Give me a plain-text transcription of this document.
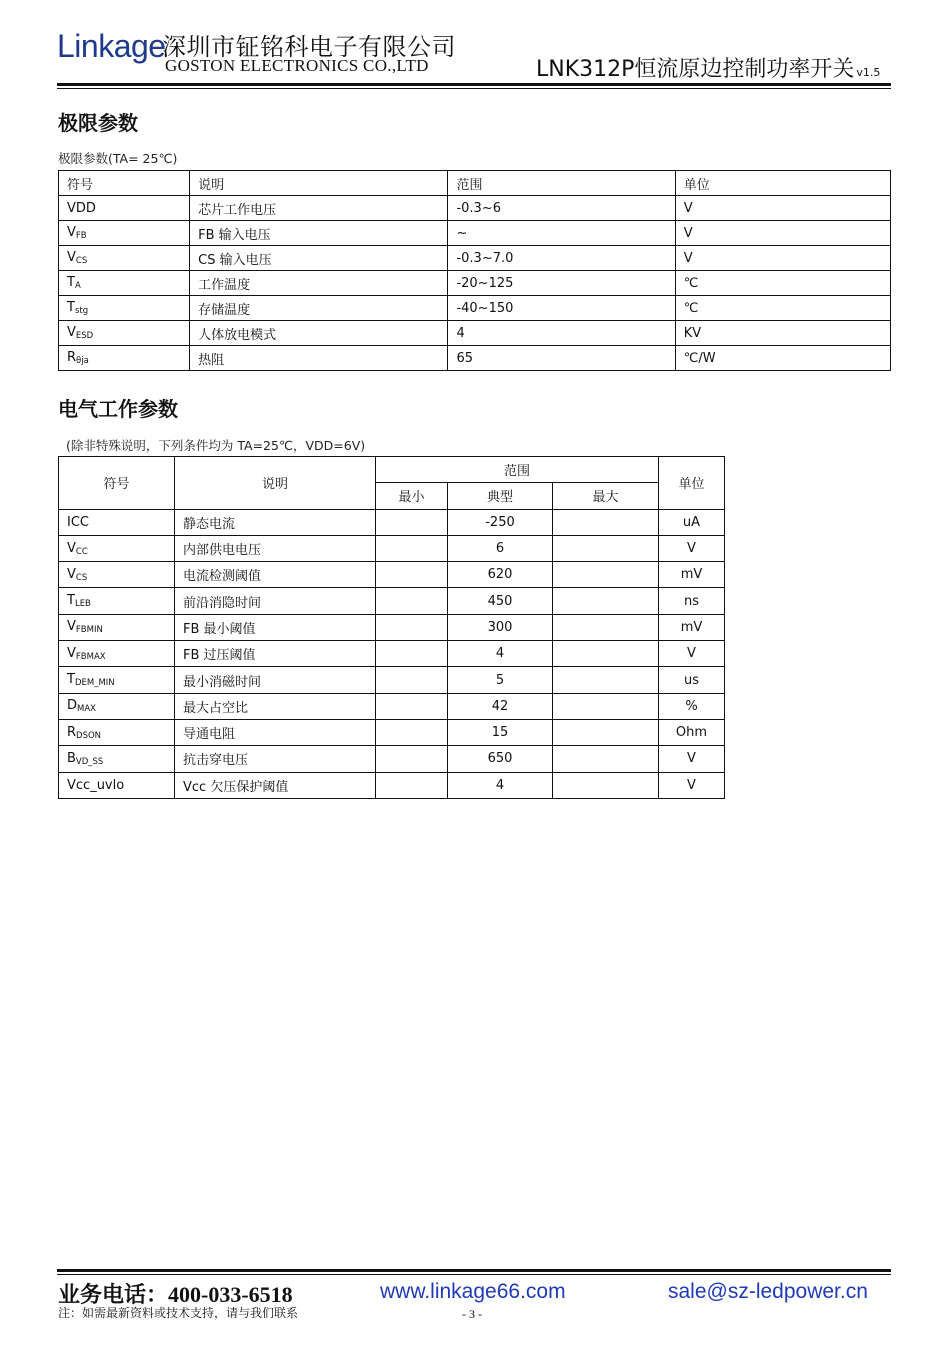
Linkage
深圳市钲铭科电子有限公司
GOSTON ELECTRONICS CO.,LTD	LNK312P恒流原边控制功率开关 v1.5
极限参数
极限参数(TA= 25℃)
符号	说明	范围	单位
VDD	芯片工作电压	-0.3~6	V
$V_{FB}$	FB 输入电压	~	V
$V_{CS}$	CS 输入电压	-0.3~7.0	V
$T_A$	工作温度	-20~125	℃
$T_{stg}$	存储温度	-40~150	℃
$V_{ESD}$	人体放电模式	4	KV
$R_{\theta ja}$	热阻	65	℃/W
电气工作参数
(除非特殊说明，下列条件均为 TA=25℃，VDD=6V)
符号	说明	范围			单位
		最小	典型	最大	
ICC	静态电流		-250		uA
$V_{CC}$	内部供电电压		6		V
$V_{CS}$	电流检测阈值		620		mV
$T_{LEB}$	前沿消隐时间		450		ns
$V_{FBMIN}$	FB 最小阈值		300		mV
$V_{FBMAX}$	FB 过压阈值		4		V
$T_{DEM\_MIN}$	最小消磁时间		5		us
$D_{MAX}$	最大占空比		42		%
$R_{DSON}$	导通电阻		15		Ohm
$B_{VD\_SS}$	抗击穿电压		650		V
Vcc_uvlo	Vcc 欠压保护阈值		4		V
业务电话：400-033-6518	www.linkage66.com	sale@sz-ledpower.cn
注：如需最新资料或技术支持，请与我们联系	- 3 -
